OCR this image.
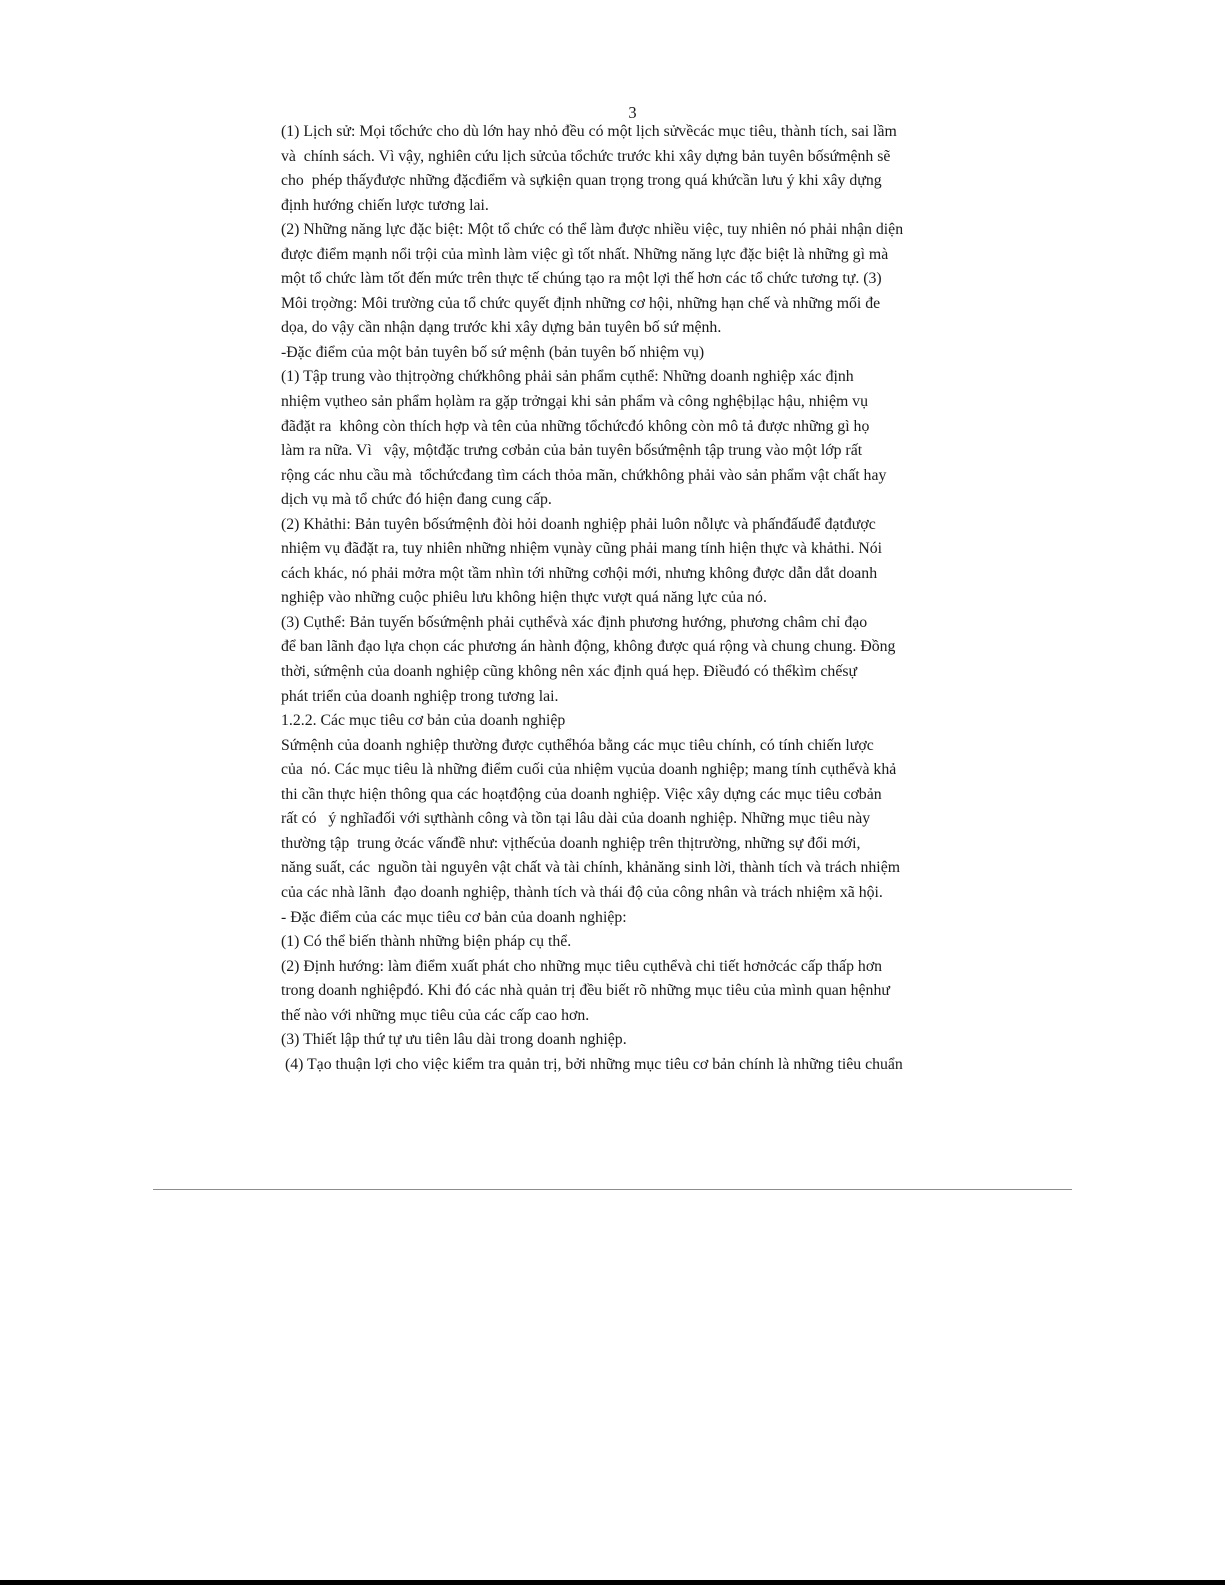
3

(1) Lịch sử: Mọi tổchức cho dù lớn hay nhỏ đều có một lịch sửvềcác mục tiêu, thành tích, sai lầm
và  chính sách. Vì vậy, nghiên cứu lịch sửcủa tổchức trước khi xây dựng bản tuyên bốsứmệnh sẽ
cho  phép thấyđược những đặcđiểm và sựkiện quan trọng trong quá khứcần lưu ý khi xây dựng
định hướng chiến lược tương lai.
(2) Những năng lực đặc biệt: Một tổ chức có thể làm được nhiều việc, tuy nhiên nó phải nhận diện
được điểm mạnh nổi trội của mình làm việc gì tốt nhất. Những năng lực đặc biệt là những gì mà
một tổ chức làm tốt đến mức trên thực tế chúng tạo ra một lợi thế hơn các tổ chức tương tự. (3)
Môi trọờng: Môi trường của tổ chức quyết định những cơ hội, những hạn chế và những mối đe
dọa, do vậy cần nhận dạng trước khi xây dựng bản tuyên bố sứ mệnh.
-Đặc điểm của một bản tuyên bố sứ mệnh (bản tuyên bố nhiệm vụ)
(1) Tập trung vào thịtrọờng chứkhông phải sản phẩm cụthể: Những doanh nghiệp xác định
nhiệm vụtheo sản phẩm họlàm ra gặp trởngại khi sản phẩm và công nghệbịlạc hậu, nhiệm vụ
đãđặt ra  không còn thích hợp và tên của những tổchứcđó không còn mô tả được những gì họ
làm ra nữa. Vì   vậy, mộtđặc trưng cơbản của bản tuyên bốsứmệnh tập trung vào một lớp rất
rộng các nhu cầu mà  tổchứcđang tìm cách thỏa mãn, chứkhông phải vào sản phẩm vật chất hay
dịch vụ mà tổ chức đó hiện đang cung cấp.
(2) Khảthi: Bản tuyên bốsứmệnh đòi hỏi doanh nghiệp phải luôn nỗlực và phấnđấuđể đạtđược
nhiệm vụ đãđặt ra, tuy nhiên những nhiệm vụnày cũng phải mang tính hiện thực và khảthi. Nói
cách khác, nó phải mởra một tầm nhìn tới những cơhội mới, nhưng không được dẫn dắt doanh
nghiệp vào những cuộc phiêu lưu không hiện thực vượt quá năng lực của nó.
(3) Cụthể: Bản tuyến bốsứmệnh phải cụthểvà xác định phương hướng, phương châm chỉ đạo
để ban lãnh đạo lựa chọn các phương án hành động, không được quá rộng và chung chung. Đồng
thời, sứmệnh của doanh nghiệp cũng không nên xác định quá hẹp. Điềuđó có thểkìm chếsự
phát triển của doanh nghiệp trong tương lai.
1.2.2. Các mục tiêu cơ bản của doanh nghiệp
Sứmệnh của doanh nghiệp thường được cụthểhóa bằng các mục tiêu chính, có tính chiến lược
của  nó. Các mục tiêu là những điểm cuối của nhiệm vụcủa doanh nghiệp; mang tính cụthểvà khả
thi cần thực hiện thông qua các hoạtđộng của doanh nghiệp. Việc xây dựng các mục tiêu cơbản
rất có   ý nghĩađối với sựthành công và tồn tại lâu dài của doanh nghiệp. Những mục tiêu này
thường tập  trung ởcác vấnđề như: vịthếcủa doanh nghiệp trên thịtrường, những sự đổi mới,
năng suất, các  nguồn tài nguyên vật chất và tài chính, khảnăng sinh lời, thành tích và trách nhiệm
của các nhà lãnh  đạo doanh nghiệp, thành tích và thái độ của công nhân và trách nhiệm xã hội.
- Đặc điểm của các mục tiêu cơ bản của doanh nghiệp:
(1) Có thể biến thành những biện pháp cụ thể.
(2) Định hướng: làm điểm xuất phát cho những mục tiêu cụthểvà chi tiết hơnởcác cấp thấp hơn
trong doanh nghiệpđó. Khi đó các nhà quản trị đều biết rõ những mục tiêu của mình quan hệnhư
thế nào với những mục tiêu của các cấp cao hơn.
(3) Thiết lập thứ tự ưu tiên lâu dài trong doanh nghiệp.
(4) Tạo thuận lợi cho việc kiểm tra quản trị, bởi những mục tiêu cơ bản chính là những tiêu chuẩn
